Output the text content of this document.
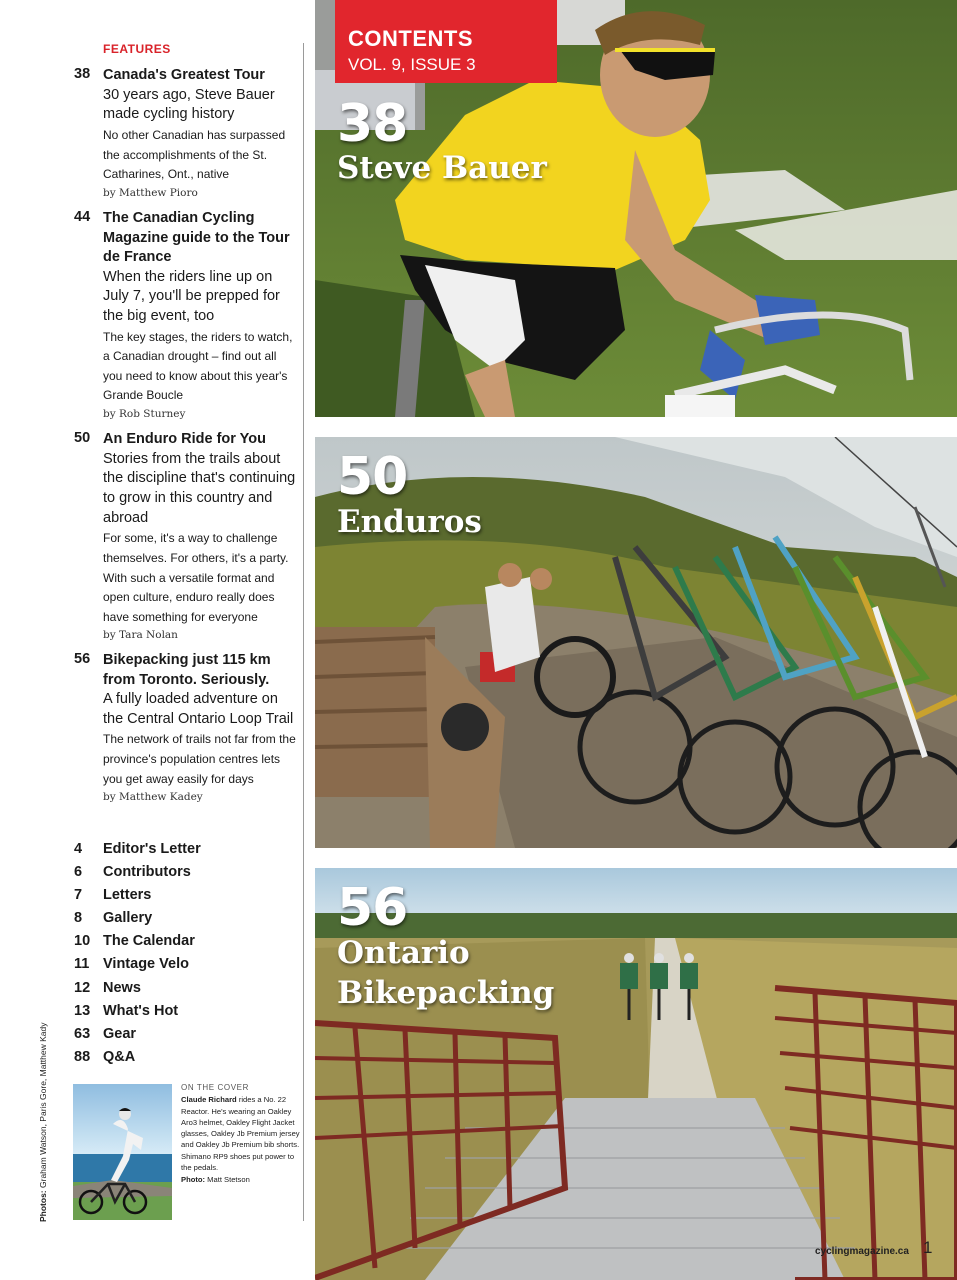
FEATURES
38 Canada's Greatest Tour
30 years ago, Steve Bauer made cycling history
No other Canadian has surpassed the accomplishments of the St. Catharines, Ont., native
by Matthew Pioro
44 The Canadian Cycling Magazine guide to the Tour de France
When the riders line up on July 7, you'll be prepped for the big event, too
The key stages, the riders to watch, a Canadian drought – find out all you need to know about this year's Grande Boucle
by Rob Sturney
50 An Enduro Ride for You
Stories from the trails about the discipline that's continuing to grow in this country and abroad
For some, it's a way to challenge themselves. For others, it's a party. With such a versatile format and open culture, enduro really does have something for everyone
by Tara Nolan
56 Bikepacking just 115 km from Toronto. Seriously.
A fully loaded adventure on the Central Ontario Loop Trail
The network of trails not far from the province's population centres lets you get away easily for days
by Matthew Kadey
4	Editor's Letter
6	Contributors
7	Letters
8	Gallery
10 The Calendar
11 Vintage Velo
12 News
13 What's Hot
63 Gear
88 Q&A
Photos: Graham Watson, Paris Gore, Matthew Kady	ON THE COVER
Claude Richard rides a No. 22 Reactor. He's wearing an Oakley Aro3 helmet, Oakley Flight Jacket glasses, Oakley Jb Premium jersey and Oakley Jb Premium bib shorts. Shimano RP9 shoes put power to the pedals.
Photo: Matt Stetson
CONTENTS
VOL. 9, ISSUE 3
38
Steve Bauer
50
Enduros
56
Ontario
Bikepacking
cyclingmagazine.ca 1
